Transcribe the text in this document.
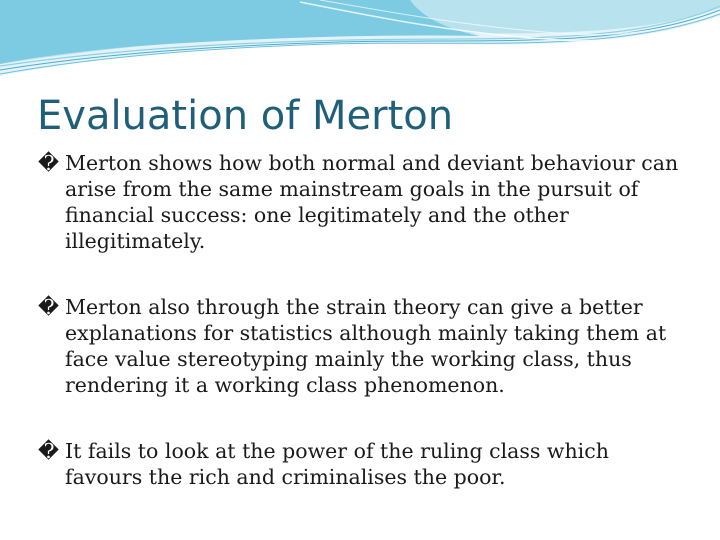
Evaluation of Merton
� Merton shows how both normal and deviant behaviour can arise from the same mainstream goals in the pursuit of financial success: one legitimately and the other illegitimately.
� Merton also through the strain theory can give a better explanations for statistics although mainly taking them at face value stereotyping mainly the working class, thus rendering it a working class phenomenon.
� It fails to look at the power of the ruling class which favours the rich and criminalises the poor.
